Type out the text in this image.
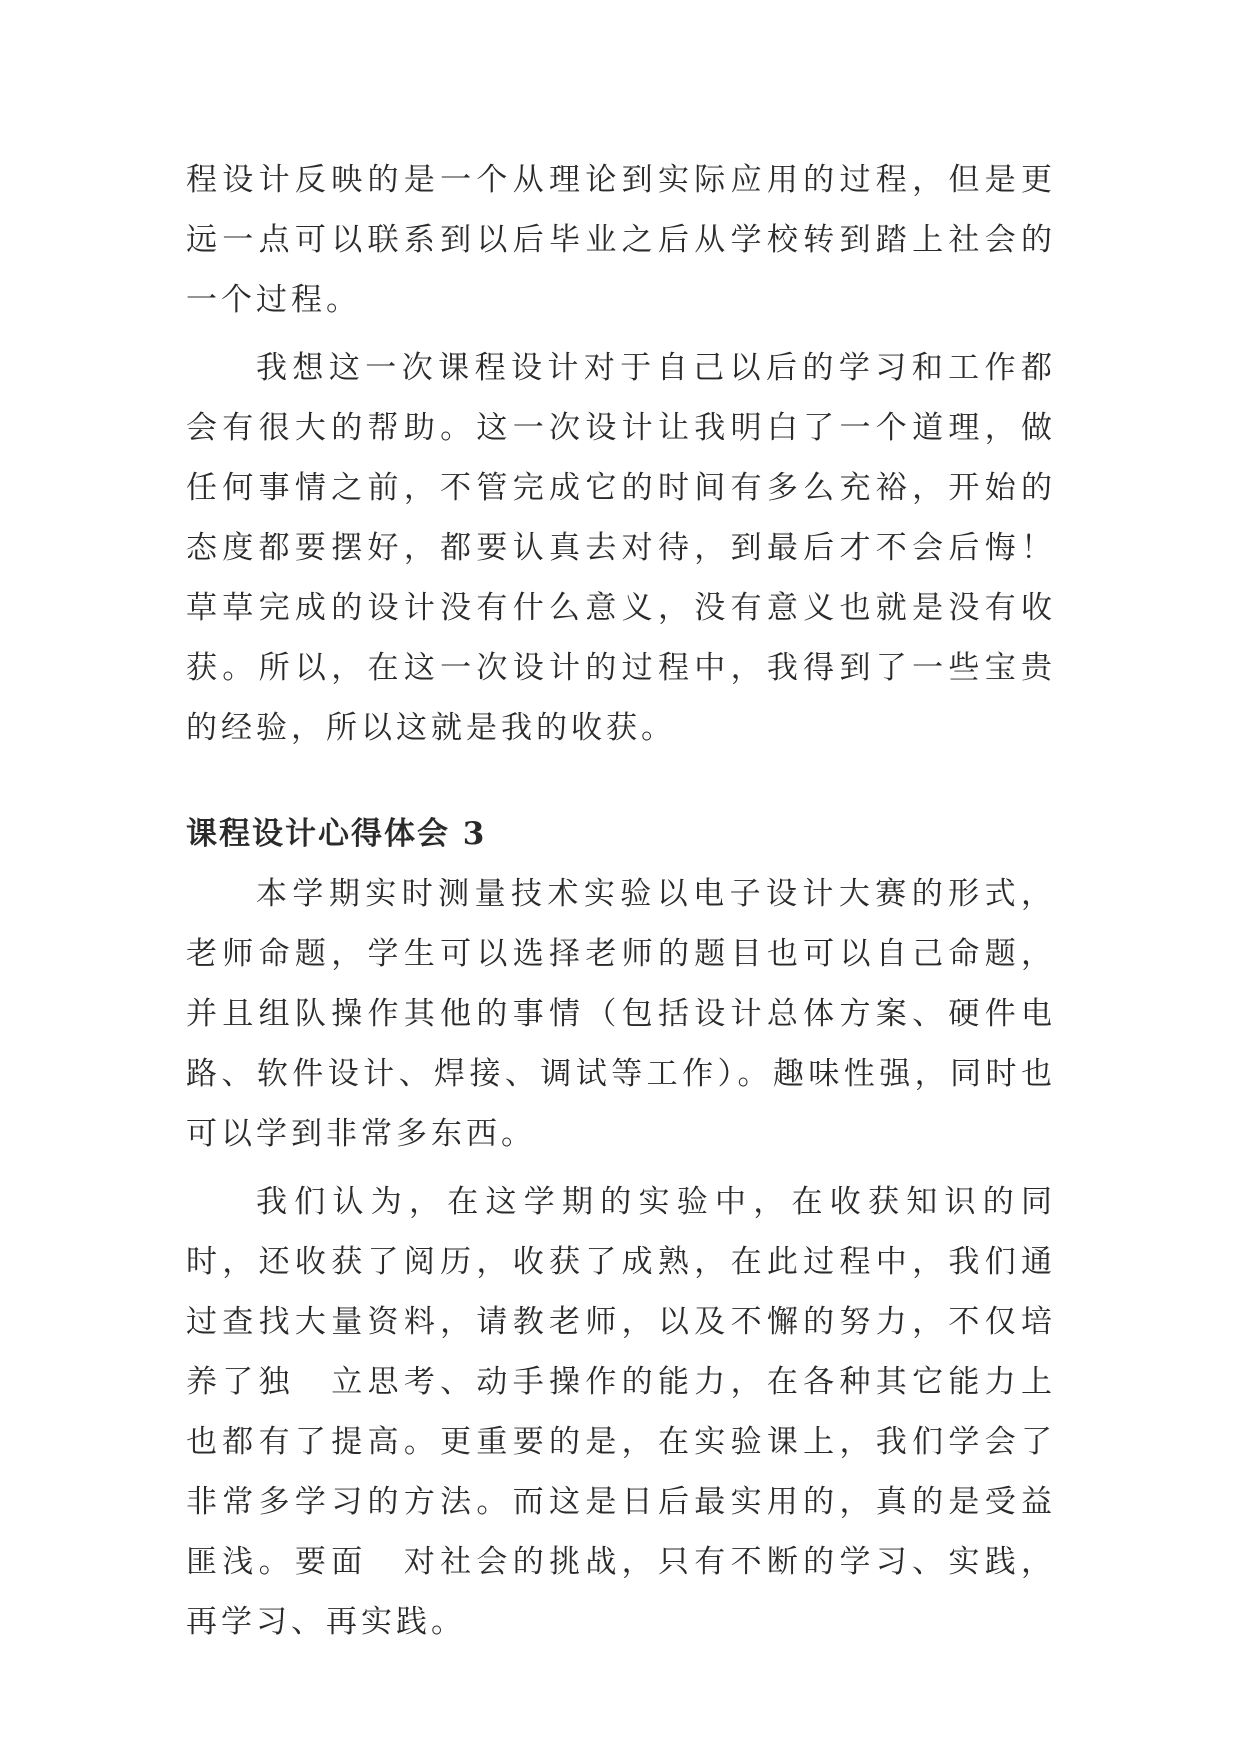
程设计反映的是一个从理论到实际应用的过程，但是更远一点可以联系到以后毕业之后从学校转到踏上社会的一个过程。

我想这一次课程设计对于自己以后的学习和工作都会有很大的帮助。这一次设计让我明白了一个道理，做任何事情之前，不管完成它的时间有多么充裕，开始的态度都要摆好，都要认真去对待，到最后才不会后悔！草草完成的设计没有什么意义，没有意义也就是没有收获。所以，在这一次设计的过程中，我得到了一些宝贵的经验，所以这就是我的收获。

课程设计心得体会 3

本学期实时测量技术实验以电子设计大赛的形式，老师命题，学生可以选择老师的题目也可以自己命题，并且组队操作其他的事情（包括设计总体方案、硬件电路、软件设计、焊接、调试等工作）。趣味性强，同时也可以学到非常多东西。

我们认为，在这学期的实验中，在收获知识的同时，还收获了阅历，收获了成熟，在此过程中，我们通过查找大量资料，请教老师，以及不懈的努力，不仅培养了独　立思考、动手操作的能力，在各种其它能力上也都有了提高。更重要的是，在实验课上，我们学会了非常多学习的方法。而这是日后最实用的，真的是受益匪浅。要面　对社会的挑战，只有不断的学习、实践，再学习、再实践。
